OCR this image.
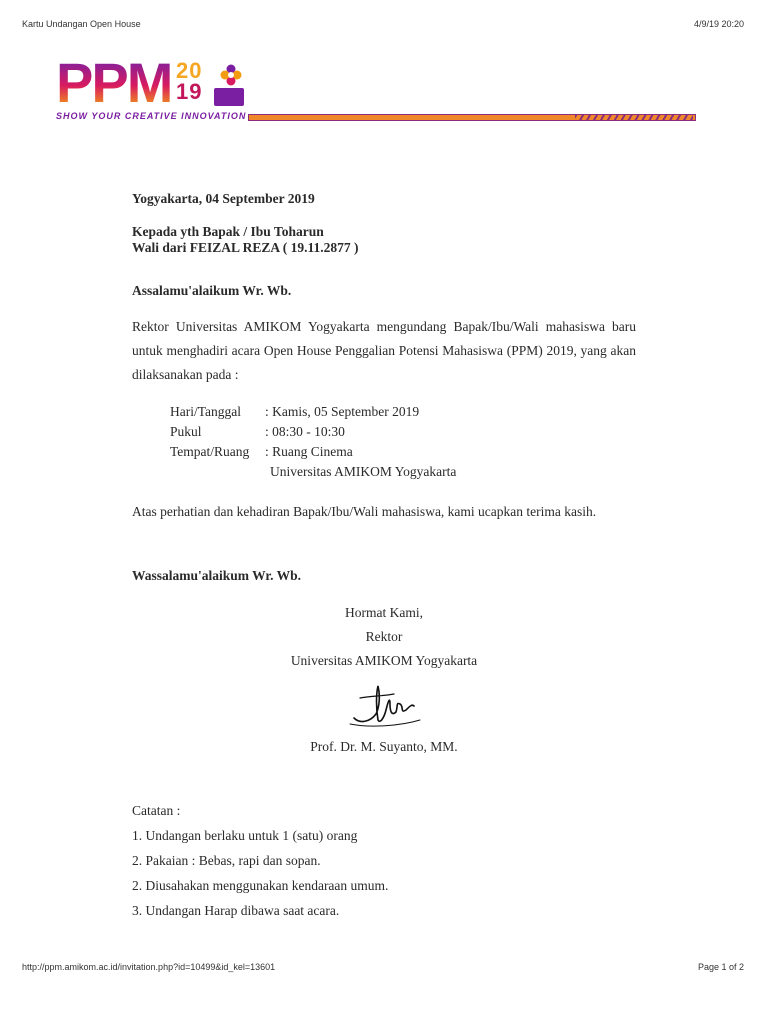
Kartu Undangan Open House	4/9/19 20:20
PPM 20
19
SHOW YOUR CREATIVE INNOVATION
Yogyakarta, 04 September 2019
Kepada yth Bapak / Ibu Toharun
Wali dari FEIZAL REZA ( 19.11.2877 )
Assalamu'alaikum Wr. Wb.
Rektor Universitas AMIKOM Yogyakarta mengundang Bapak/Ibu/Wali mahasiswa baru untuk menghadiri acara Open House Penggalian Potensi Mahasiswa (PPM) 2019, yang akan dilaksanakan pada :
Hari/Tanggal	: Kamis, 05 September 2019
Pukul	: 08:30 - 10:30
Tempat/Ruang	: Ruang Cinema
Universitas AMIKOM Yogyakarta
Atas perhatian dan kehadiran Bapak/Ibu/Wali mahasiswa, kami ucapkan terima kasih.
Wassalamu'alaikum Wr. Wb.
Hormat Kami,
Rektor
Universitas AMIKOM Yogyakarta
Prof. Dr. M. Suyanto, MM.
Catatan :
1. Undangan berlaku untuk 1 (satu) orang
2. Pakaian : Bebas, rapi dan sopan.
2. Diusahakan menggunakan kendaraan umum.
3. Undangan Harap dibawa saat acara.
http://ppm.amikom.ac.id/invitation.php?id=10499&id_kel=13601	Page 1 of 2
